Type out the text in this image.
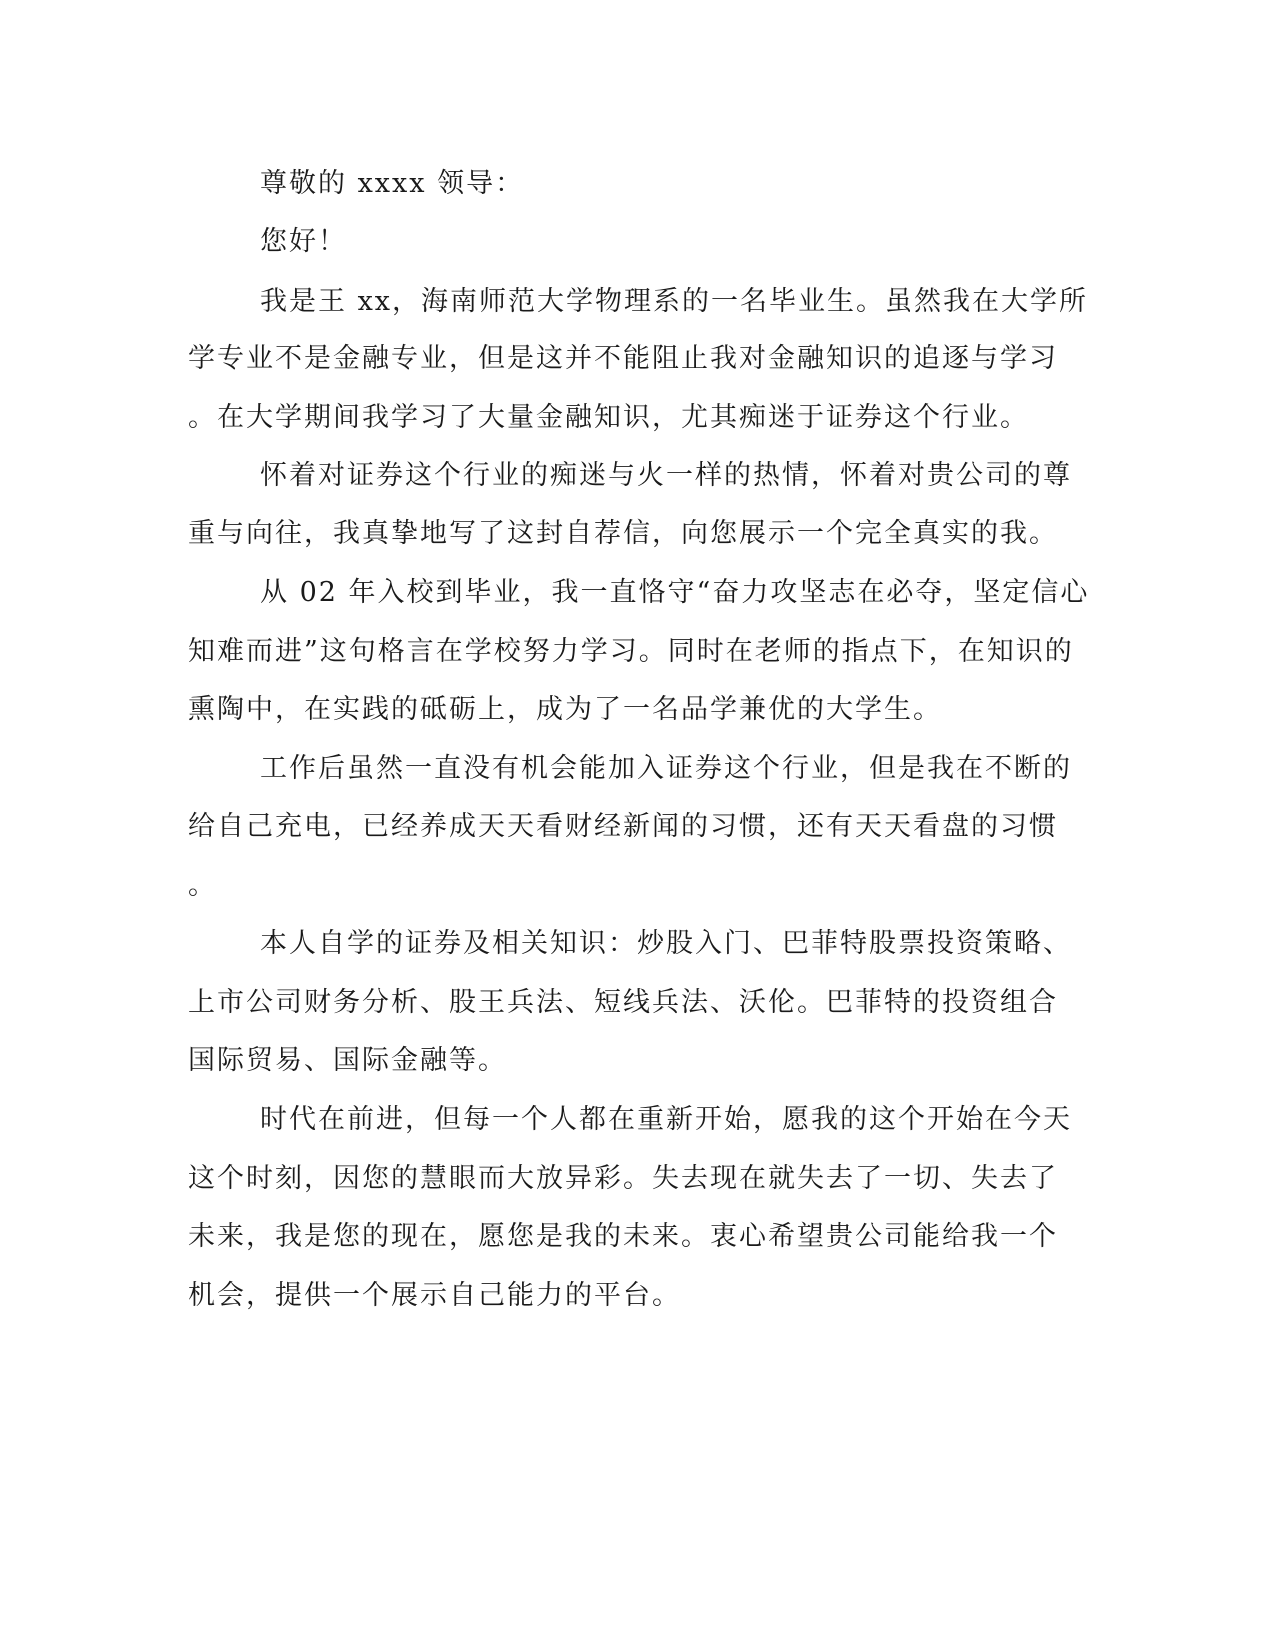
尊敬的 xxxx 领导：
您好！
我是王 xx，海南师范大学物理系的一名毕业生。虽然我在大学所
学专业不是金融专业，但是这并不能阻止我对金融知识的追逐与学习
。在大学期间我学习了大量金融知识，尤其痴迷于证券这个行业。
怀着对证券这个行业的痴迷与火一样的热情，怀着对贵公司的尊
重与向往，我真挚地写了这封自荐信，向您展示一个完全真实的我。
从 02 年入校到毕业，我一直恪守“奋力攻坚志在必夺，坚定信心
知难而进”这句格言在学校努力学习。同时在老师的指点下，在知识的
熏陶中，在实践的砥砺上，成为了一名品学兼优的大学生。
工作后虽然一直没有机会能加入证券这个行业，但是我在不断的
给自己充电，已经养成天天看财经新闻的习惯，还有天天看盘的习惯
。
本人自学的证券及相关知识：炒股入门、巴菲特股票投资策略、
上市公司财务分析、股王兵法、短线兵法、沃伦。巴菲特的投资组合
国际贸易、国际金融等。
时代在前进，但每一个人都在重新开始，愿我的这个开始在今天
这个时刻，因您的慧眼而大放异彩。失去现在就失去了一切、失去了
未来，我是您的现在，愿您是我的未来。衷心希望贵公司能给我一个
机会，提供一个展示自己能力的平台。
